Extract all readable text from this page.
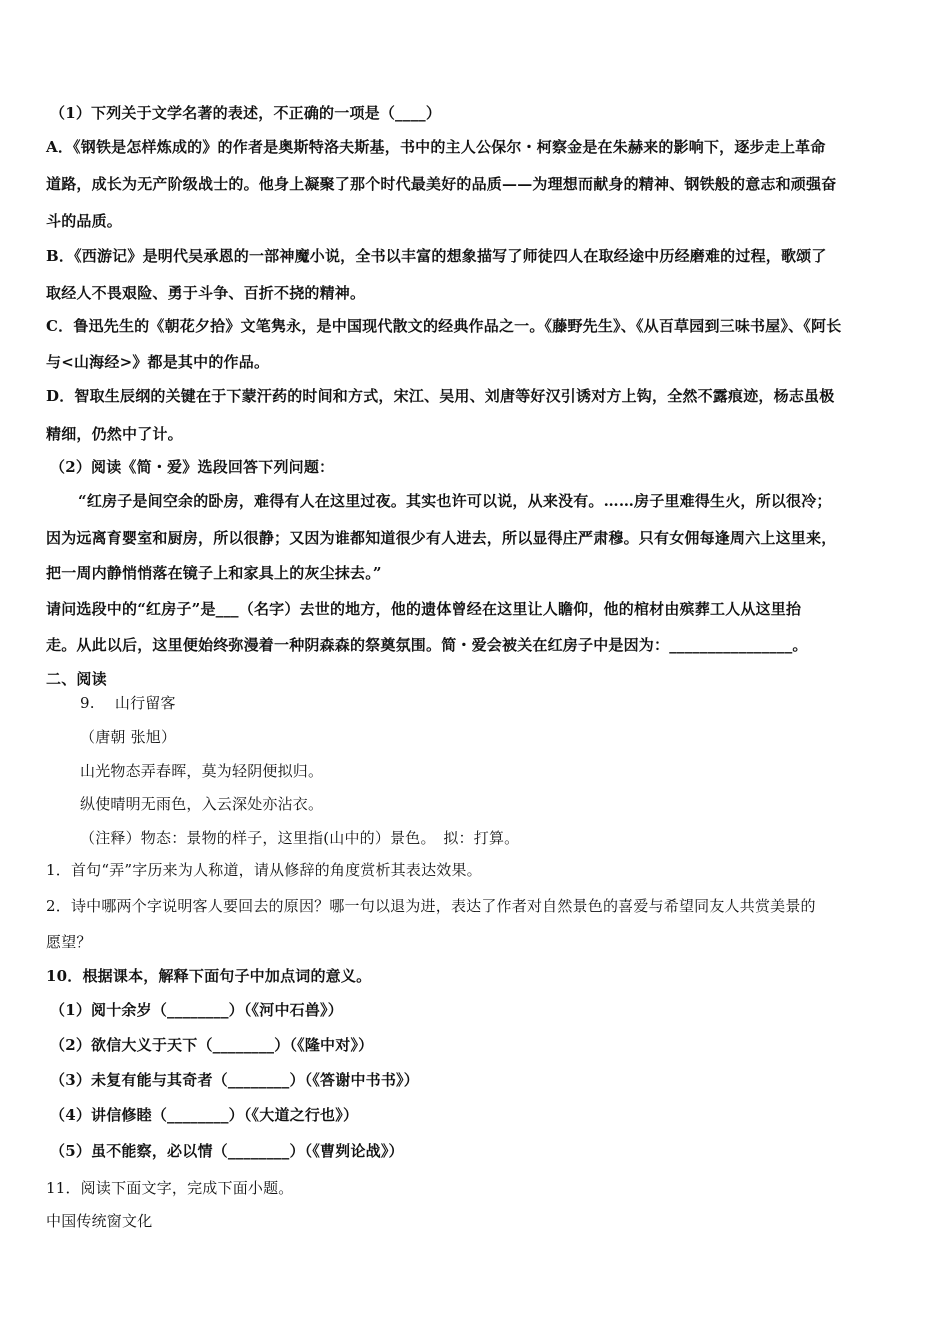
（1）下列关于文学名著的表述，不正确的一项是（____）
A．《钢铁是怎样炼成的》的作者是奥斯特洛夫斯基，书中的主人公保尔・柯察金是在朱赫来的影响下，逐步走上革命
道路，成长为无产阶级战士的。他身上凝聚了那个时代最美好的品质——为理想而献身的精神、钢铁般的意志和顽强奋
斗的品质。
B．《西游记》是明代吴承恩的一部神魔小说，全书以丰富的想象描写了师徒四人在取经途中历经磨难的过程，歌颂了
取经人不畏艰险、勇于斗争、百折不挠的精神。
C．鲁迅先生的《朝花夕拾》文笔隽永，是中国现代散文的经典作品之一。《藤野先生》、《从百草园到三味书屋》、《阿长
与<山海经>》都是其中的作品。
D．智取生辰纲的关键在于下蒙汗药的时间和方式，宋江、吴用、刘唐等好汉引诱对方上钩，全然不露痕迹，杨志虽极
精细，仍然中了计。
（2）阅读《简・爱》选段回答下列问题：
“红房子是间空余的卧房，难得有人在这里过夜。其实也许可以说，从来没有。……房子里难得生火，所以很冷；
因为远离育婴室和厨房，所以很静；又因为谁都知道很少有人进去，所以显得庄严肃穆。只有女佣每逢周六上这里来，
把一周内静悄悄落在镜子上和家具上的灰尘抹去。”
请问选段中的“红房子”是___（名字）去世的地方，他的遗体曾经在这里让人瞻仰，他的棺材由殡葬工人从这里抬
走。从此以后，这里便始终弥漫着一种阴森森的祭奠氛围。简・爱会被关在红房子中是因为：________________。
二、阅读
9.　 山行留客
（唐朝 张旭）
山光物态弄春晖，莫为轻阴便拟归。
纵使晴明无雨色，入云深处亦沾衣。
（注释）物态：景物的样子，这里指(山中的）景色。　拟：打算。
1．首句“弄”字历来为人称道，请从修辞的角度赏析其表达效果。
2．诗中哪两个字说明客人要回去的原因？哪一句以退为进，表达了作者对自然景色的喜爱与希望同友人共赏美景的
愿望？
10．根据课本，解释下面句子中加点词的意义。
（1）阅十余岁（________）（《河中石兽》）
（2）欲信大义于天下（________）（《隆中对》）
（3）未复有能与其奇者（________）（《答谢中书书》）
（4）讲信修睦（________）（《大道之行也》）
（5）虽不能察，必以情（________）（《曹刿论战》）
11．阅读下面文字，完成下面小题。
中国传统窗文化
